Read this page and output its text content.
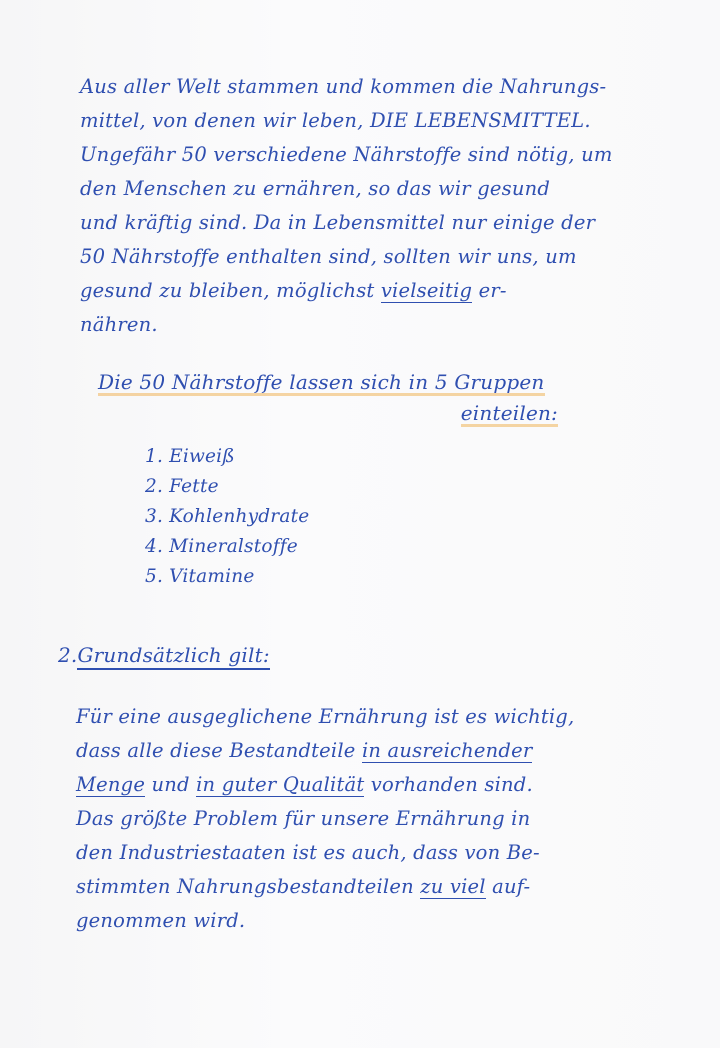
Aus aller Welt stammen und kommen die Nahrungs-
mittel, von denen wir leben, DIE LEBENSMITTEL.
Ungefähr 50 verschiedene Nährstoffe sind nötig, um
den Menschen zu ernähren, so das wir gesund
und kräftig sind. Da in Lebensmittel nur einige der
50 Nährstoffe enthalten sind, sollten wir uns, um
gesund zu bleiben, möglichst vielseitig er-
nähren.
Die 50 Nährstoffe lassen sich in 5 Gruppen
einteilen:
1. Eiweiß
2. Fette
3. Kohlenhydrate
4. Mineralstoffe
5. Vitamine
2.Grundsätzlich gilt:
Für eine ausgeglichene Ernährung ist es wichtig,
dass alle diese Bestandteile in ausreichender
Menge und in guter Qualität vorhanden sind.
Das größte Problem für unsere Ernährung in
den Industriestaaten ist es auch, dass von Be-
stimmten Nahrungsbestandteilen zu viel auf-
genommen wird.
